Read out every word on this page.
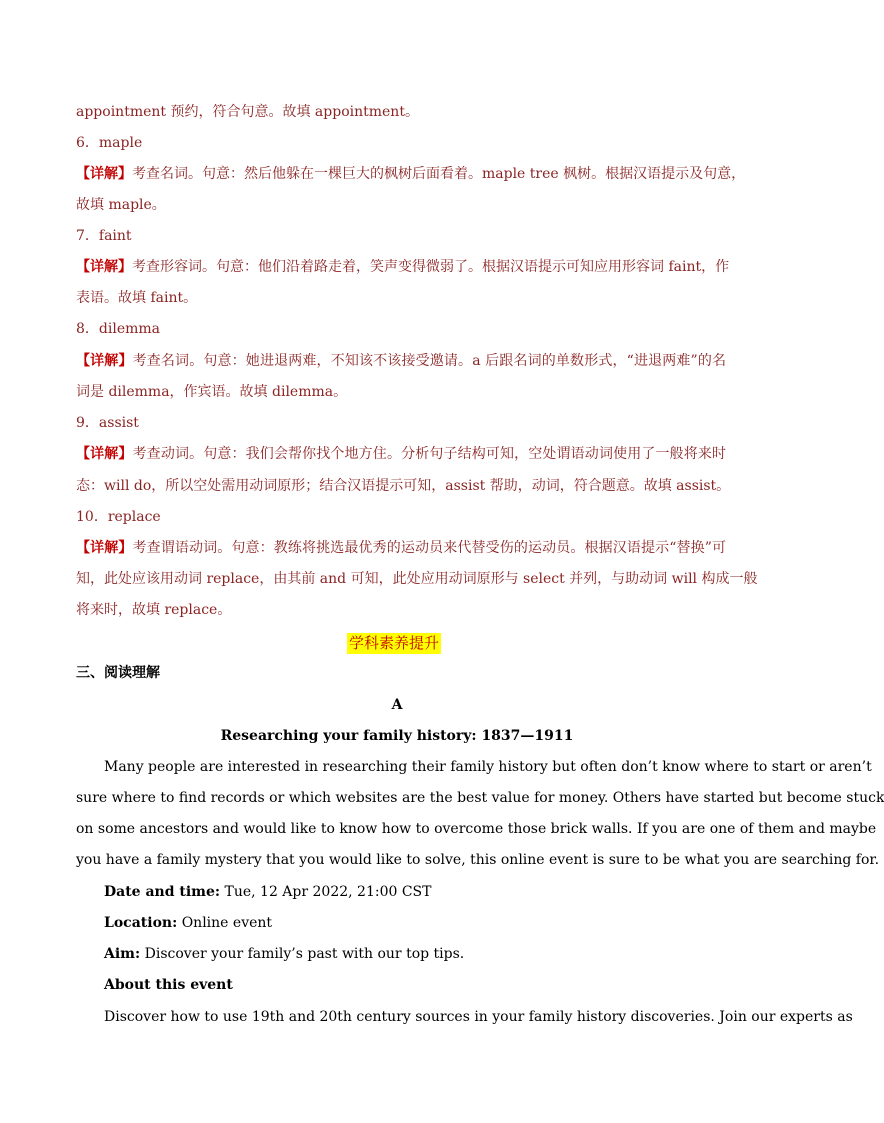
appointment 预约，符合句意。故填 appointment。
6．maple
【详解】考查名词。句意：然后他躲在一棵巨大的枫树后面看着。maple tree 枫树。根据汉语提示及句意，
故填 maple。
7．faint
【详解】考查形容词。句意：他们沿着路走着，笑声变得微弱了。根据汉语提示可知应用形容词 faint，作
表语。故填 faint。
8．dilemma
【详解】考查名词。句意：她进退两难，不知该不该接受邀请。a 后跟名词的单数形式，“进退两难”的名
词是 dilemma，作宾语。故填 dilemma。
9．assist
【详解】考查动词。句意：我们会帮你找个地方住。分析句子结构可知，空处谓语动词使用了一般将来时
态：will do，所以空处需用动词原形；结合汉语提示可知，assist 帮助，动词，符合题意。故填 assist。
10．replace
【详解】考查谓语动词。句意：教练将挑选最优秀的运动员来代替受伤的运动员。根据汉语提示“替换”可
知，此处应该用动词 replace，由其前 and 可知，此处应用动词原形与 select 并列，与助动词 will 构成一般
将来时，故填 replace。
学科素养提升
三、阅读理解
A
Researching your family history: 1837—1911
Many people are interested in researching their family history but often don’t know where to start or aren’t
sure where to find records or which websites are the best value for money. Others have started but become stuck
on some ancestors and would like to know how to overcome those brick walls. If you are one of them and maybe
you have a family mystery that you would like to solve, this online event is sure to be what you are searching for.
Date and time: Tue, 12 Apr 2022, 21:00 CST
Location: Online event
Aim: Discover your family’s past with our top tips.
About this event
Discover how to use 19th and 20th century sources in your family history discoveries. Join our experts as
